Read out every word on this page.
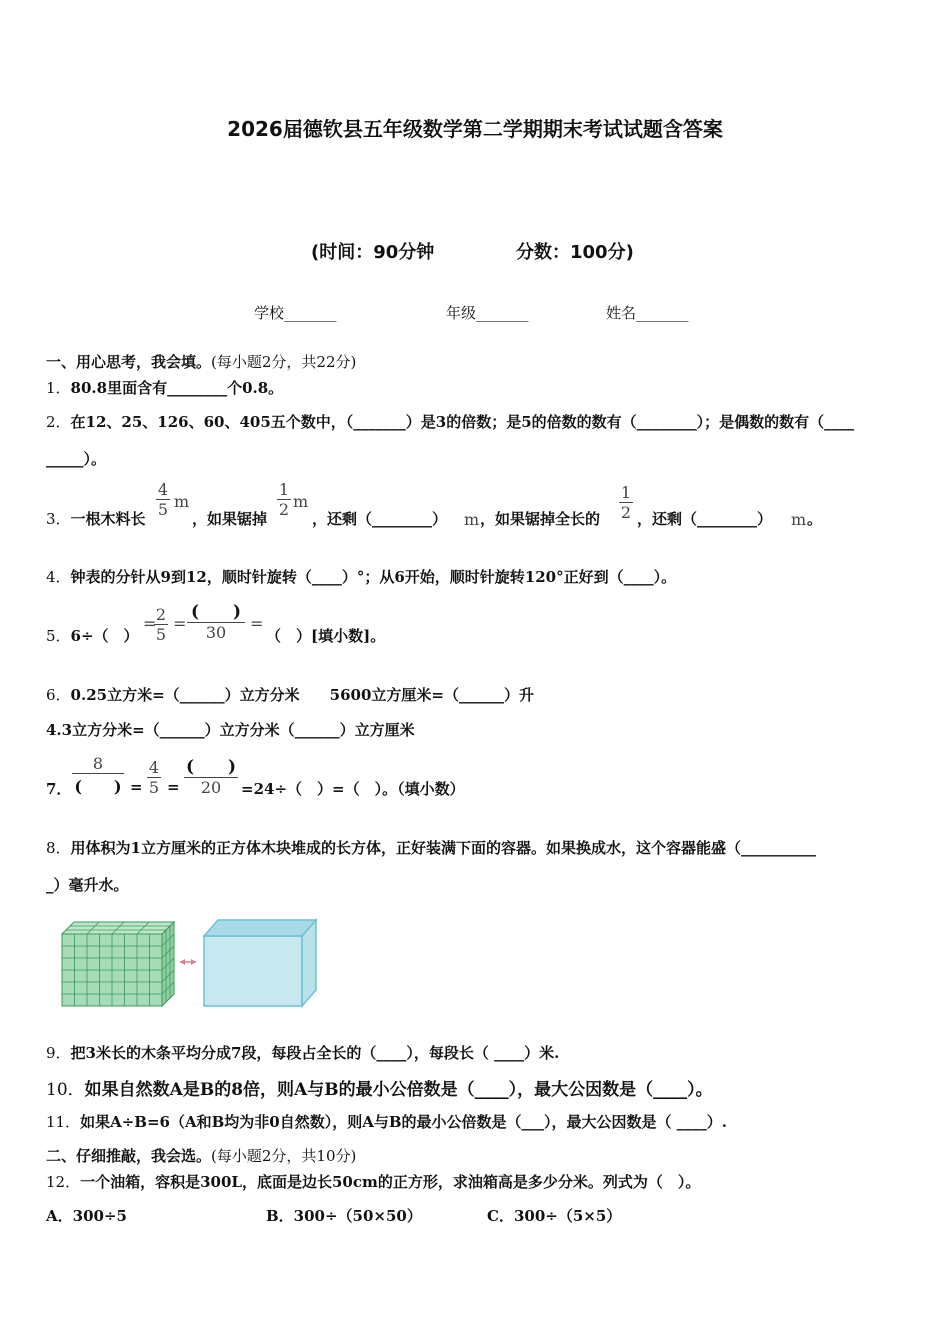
2026届德钦县五年级数学第二学期期末考试试题含答案
(时间：90分钟	分数：100分)
学校_______	年级_______	姓名_______
一、用心思考，我会填。(每小题2分，共22分)
1．80.8里面含有________个0.8。
2．在12、25、126、60、405五个数中，（_______）是3的倍数；是5的倍数的数有（________）；是偶数的数有（____
_____）。
3．一根木料长
4
5 m
，如果锯掉
1
2 m
，还剩（________） m ，如果锯掉全长的
1
2 ，还剩（________） m 。
4．钟表的分针从9到12，顺时针旋转（____）°；从6开始，顺时针旋转120°正好到（____）。
5．6÷（　）
= 2
5
=
(　　)
30	=
（　）[填小数]。
6．0.25立方米=（______）立方分米　　5600立方厘米=（______）升
4.3立方分米=（______）立方分米（______）立方厘米
7．
8
(　　) =
4
5 =
(　　)
20	=24÷（　）=（　）。（填小数）
8．用体积为1立方厘米的正方体木块堆成的长方体，正好装满下面的容器。如果换成水，这个容器能盛（__________
_）毫升水。
9．把3米长的木条平均分成7段，每段占全长的（____），每段长（ ____）米.
10．如果自然数A是B的8倍，则A与B的最小公倍数是（____），最大公因数是（____）。
11．如果A÷B=6（A和B均为非0自然数），则A与B的最小公倍数是（___），最大公因数是（ ____）.
二、仔细推敲，我会选。(每小题2分，共10分)
12．一个油箱，容积是300L，底面是边长50cm的正方形，求油箱高是多少分米。列式为（　）。
A．300÷5	B．300÷（50×50）	C．300÷（5×5）
